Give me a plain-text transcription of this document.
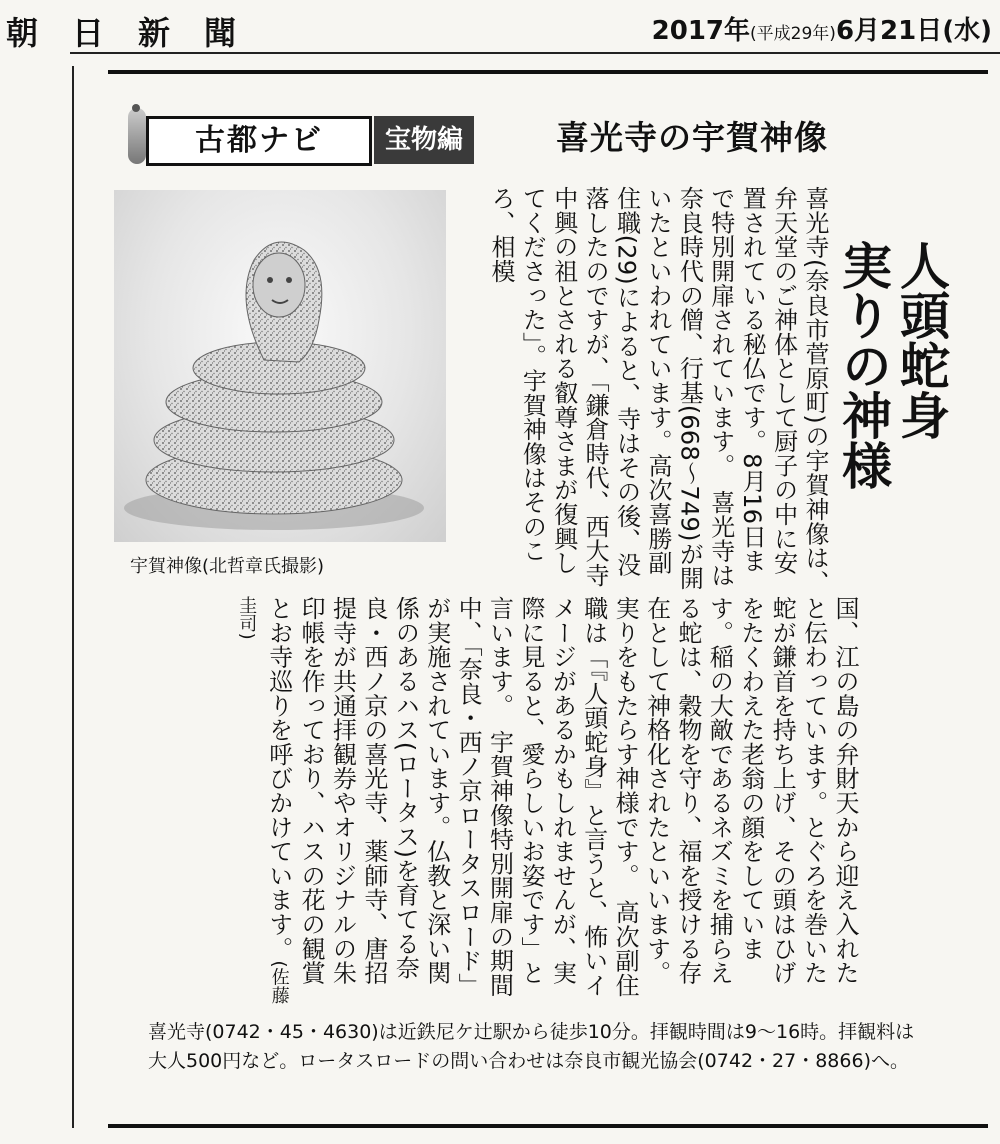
朝日新聞	2017年(平成29年)6月21日(水)
古都ナビ	宝物編	喜光寺の宇賀神像
宇賀神像(北哲章氏撮影)
人頭蛇身
実りの神様
喜光寺(奈良市菅原町)の宇賀神像は、弁天堂のご神体として厨子の中に安置されている秘仏です。8月16日まで特別開扉されています。　喜光寺は奈良時代の僧、行基(668〜749)が開いたといわれています。高次喜勝副住職(29)によると、寺はその後、没落したのですが、「鎌倉時代、西大寺中興の祖とされる叡尊さまが復興してくださった」。宇賀神像はそのころ、相模
国、江の島の弁財天から迎え入れたと伝わっています。とぐろを巻いた蛇が鎌首を持ち上げ、その頭はひげをたくわえた老翁の顔をしています。稲の大敵であるネズミを捕らえる蛇は、穀物を守り、福を授ける存在として神格化されたといいます。実りをもたらす神様です。　高次副住職は「『人頭蛇身』と言うと、怖いイメージがあるかもしれませんが、実際に見ると、愛らしいお姿です」と言います。　宇賀神像特別開扉の期間中、「奈良・西ノ京ロータスロード」が実施されています。仏教と深い関係のあるハス(ロータス)を育てる奈良・西ノ京の喜光寺、薬師寺、唐招提寺が共通拝観券やオリジナルの朱印帳を作っており、ハスの花の観賞とお寺巡りを呼びかけています。(佐藤圭司)
喜光寺(0742・45・4630)は近鉄尼ケ辻駅から徒歩10分。拝観時間は9〜16時。拝観料は大人500円など。ロータスロードの問い合わせは奈良市観光協会(0742・27・8866)へ。
